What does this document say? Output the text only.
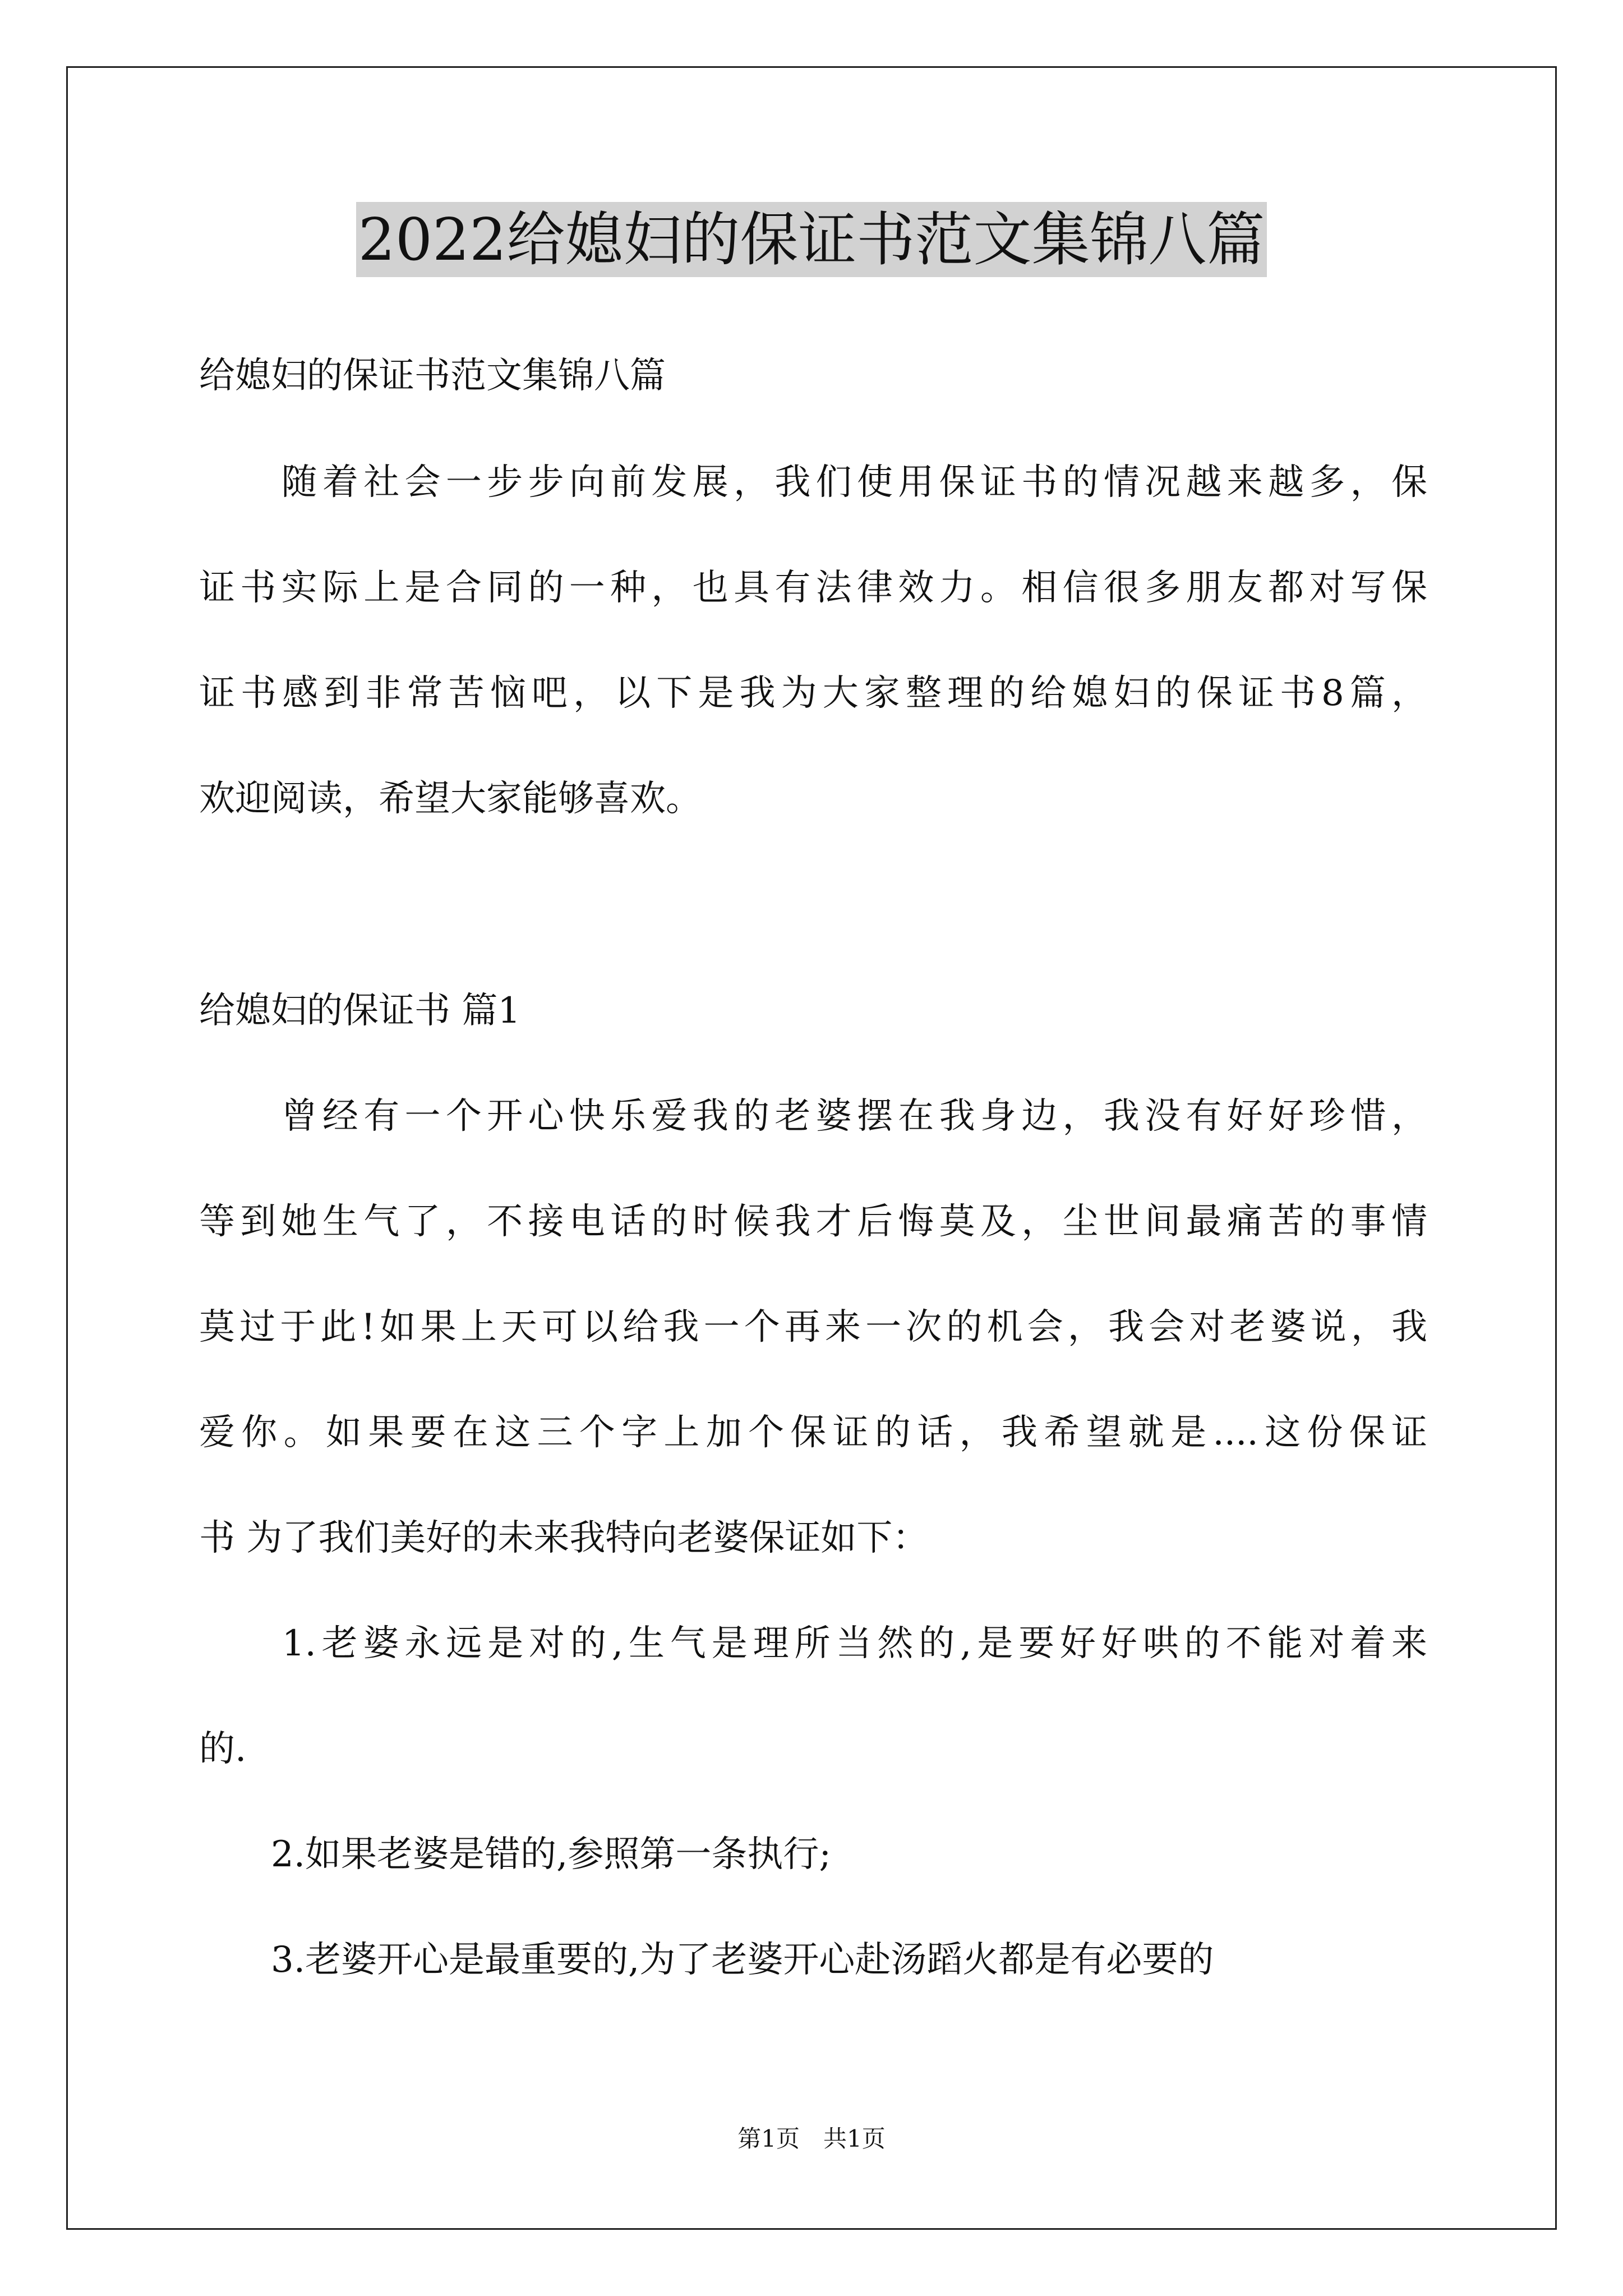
2022给媳妇的保证书范文集锦八篇
给媳妇的保证书范文集锦八篇
　　随着社会一步步向前发展，我们使用保证书的情况越来越多，保
证书实际上是合同的一种，也具有法律效力。相信很多朋友都对写保
证书感到非常苦恼吧，以下是我为大家整理的给媳妇的保证书8篇，
欢迎阅读，希望大家能够喜欢。
给媳妇的保证书 篇1
　　曾经有一个开心快乐爱我的老婆摆在我身边，我没有好好珍惜，
等到她生气了，不接电话的时候我才后悔莫及，尘世间最痛苦的事情
莫过于此!如果上天可以给我一个再来一次的机会，我会对老婆说，我
爱你。如果要在这三个字上加个保证的话，我希望就是....这份保证
书 为了我们美好的未来我特向老婆保证如下：
　　1.老婆永远是对的,生气是理所当然的,是要好好哄的不能对着来
的.
　　2.如果老婆是错的,参照第一条执行;
　　3.老婆开心是最重要的,为了老婆开心赴汤蹈火都是有必要的
第1页　共1页
